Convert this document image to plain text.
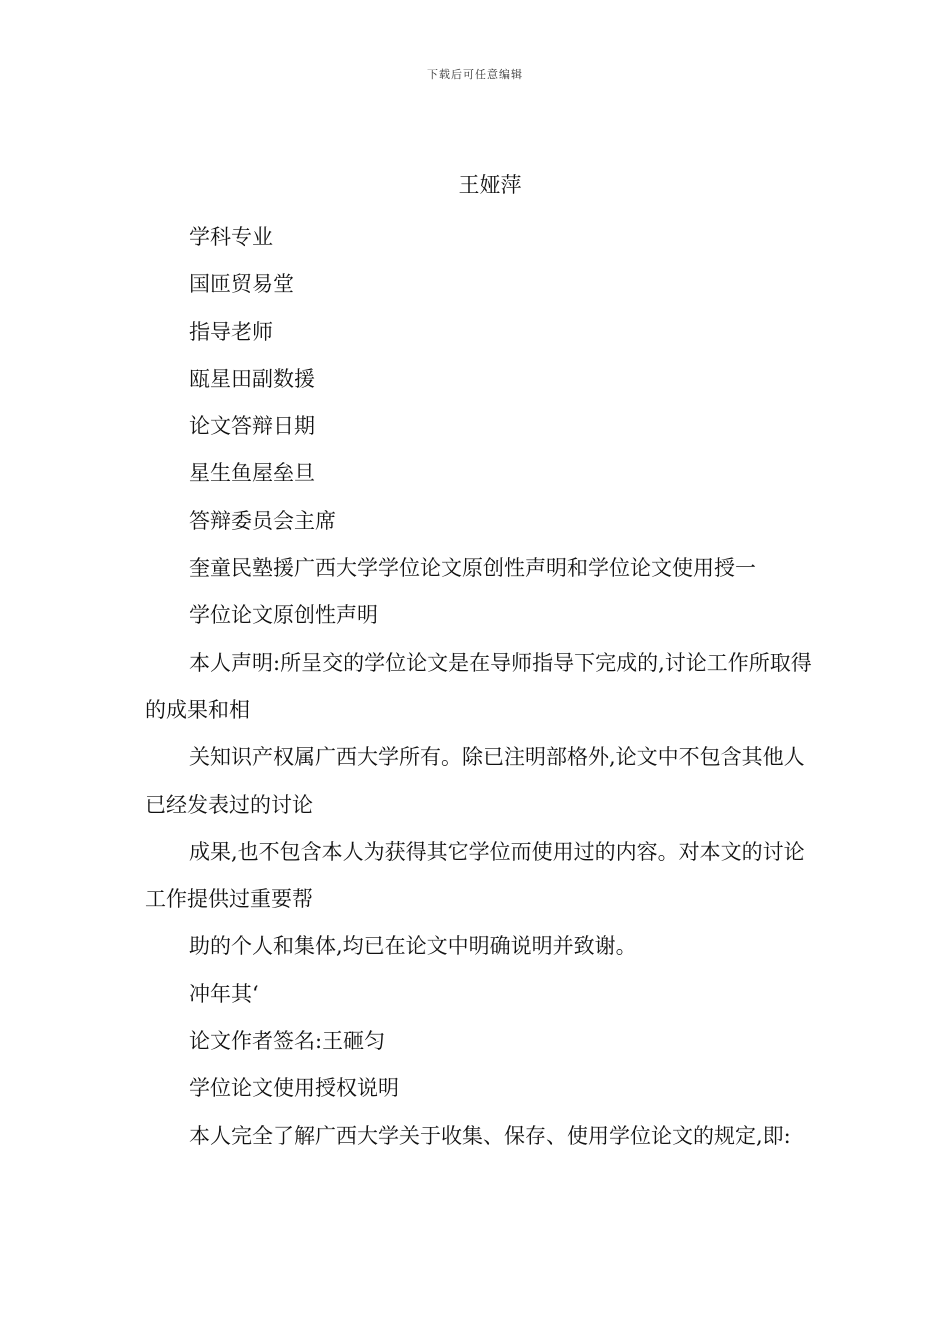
下载后可任意编辑
王娅萍

学科专业

国匝贸易堂

指导老师

瓯星田副数援

论文答辩日期

星生鱼屋垒旦

答辩委员会主席

奎童民塾援广西大学学位论文原创性声明和学位论文使用授一

学位论文原创性声明

本人声明:所呈交的学位论文是在导师指导下完成的,讨论工作所取得的成果和相

关知识产权属广西大学所有。除已注明部格外,论文中不包含其他人已经发表过的讨论

成果,也不包含本人为获得其它学位而使用过的内容。对本文的讨论工作提供过重要帮

助的个人和集体,均已在论文中明确说明并致谢。

冲年其‘

论文作者签名:王砸匀

学位论文使用授权说明

本人完全了解广西大学关于收集、保存、使用学位论文的规定,即:
